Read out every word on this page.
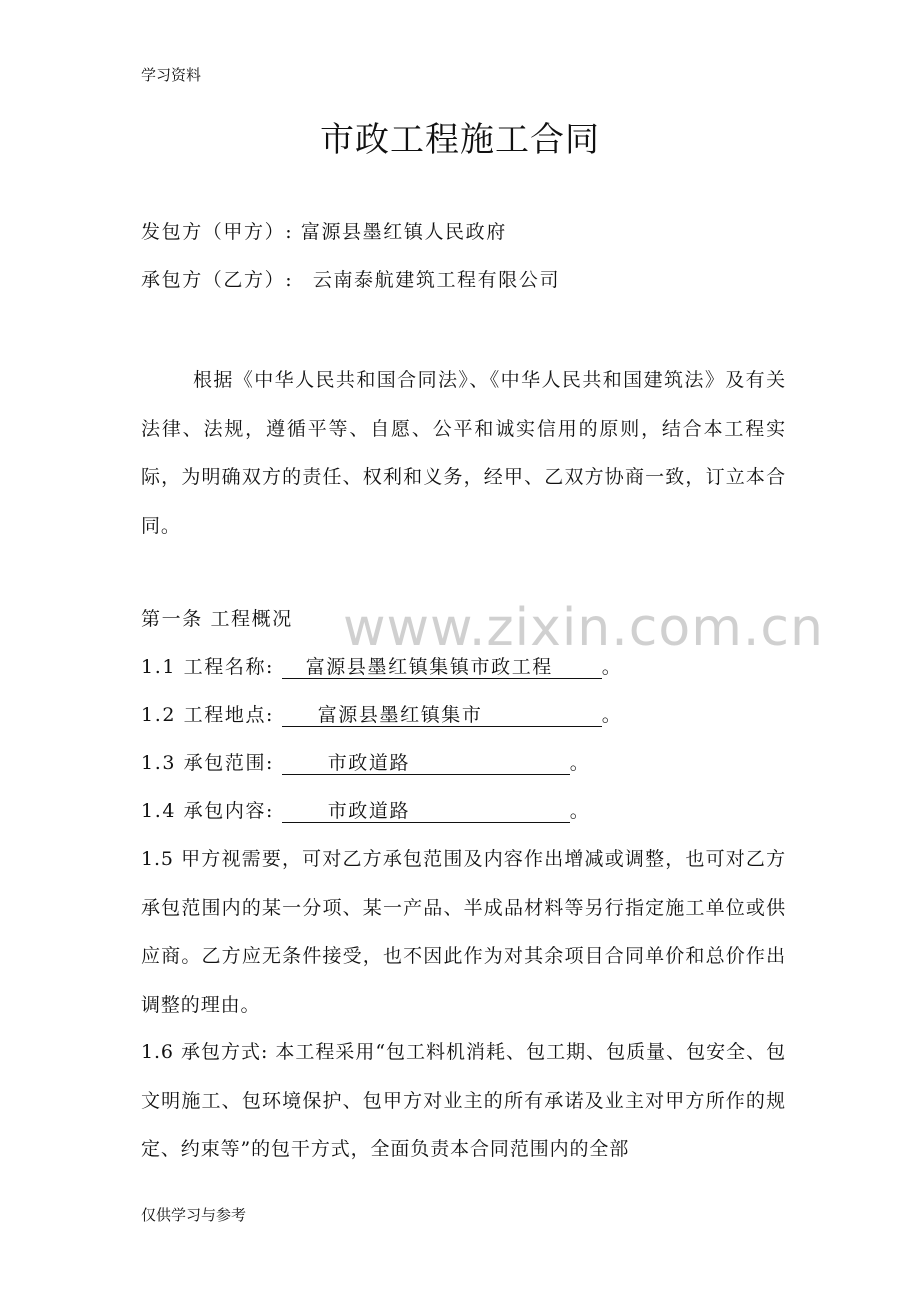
学习资料
市政工程施工合同
发包方（甲方）: 富源县墨红镇人民政府
承包方（乙方）: 云南泰航建筑工程有限公司
根据《中华人民共和国合同法》、《中华人民共和国建筑法》及有关法律、法规，遵循平等、自愿、公平和诚实信用的原则，结合本工程实际，为明确双方的责任、权利和义务，经甲、乙双方协商一致，订立本合同。
第一条 工程概况
1.1 工程名称: 富源县墨红镇集镇市政工程	。
1.2 工程地点: 富源县墨红镇集市	。
1.3 承包范围:	市政道路	。
1.4 承包内容:	市政道路	。
1.5 甲方视需要，可对乙方承包范围及内容作出增减或调整，也可对乙方承包范围内的某一分项、某一产品、半成品材料等另行指定施工单位或供应商。乙方应无条件接受，也不因此作为对其余项目合同单价和总价作出调整的理由。
1.6 承包方式: 本工程采用“包工料机消耗、包工期、包质量、包安全、包文明施工、包环境保护、包甲方对业主的所有承诺及业主对甲方所作的规定、约束等”的包干方式，全面负责本合同范围内的全部
www.zixin.com.cn
仅供学习与参考
